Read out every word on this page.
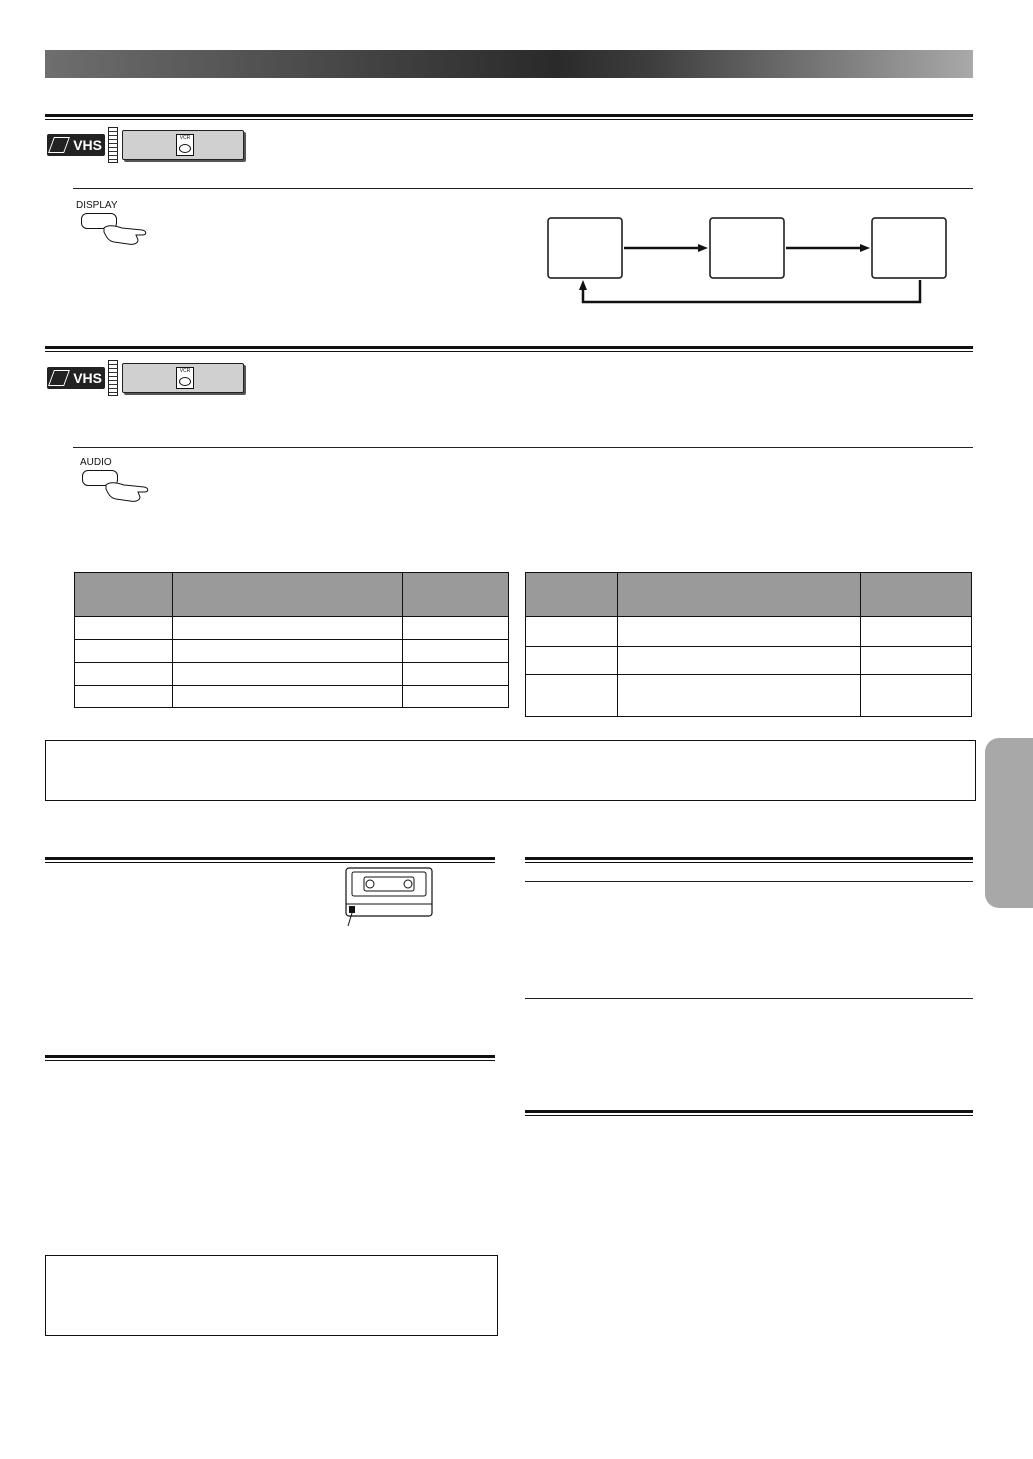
VHS	VCR
DISPLAY
VHS	VCR
AUDIO
